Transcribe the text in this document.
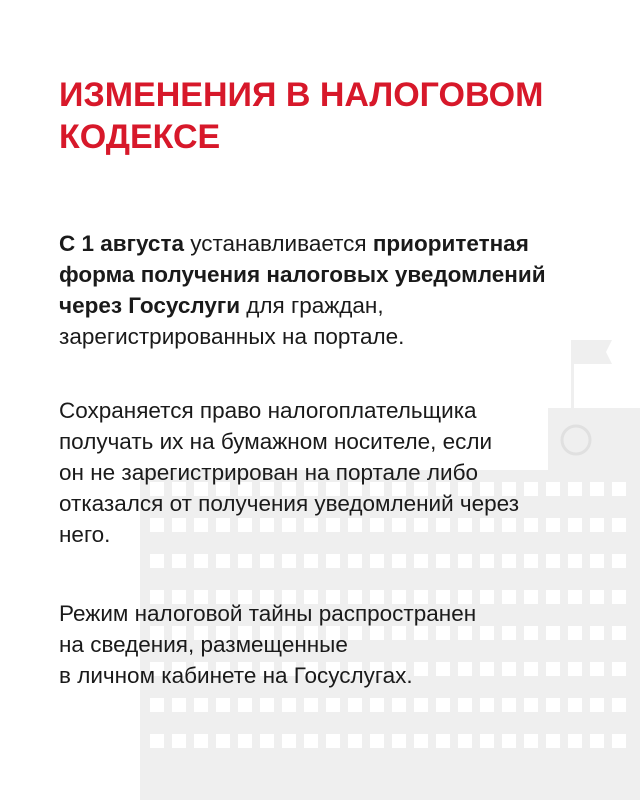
ИЗМЕНЕНИЯ В НАЛОГОВОМ
КОДЕКСЕ

С 1 августа устанавливается приоритетная
форма получения налоговых уведомлений
через Госуслуги для граждан,
зарегистрированных на портале.

Сохраняется право налогоплательщика
получать их на бумажном носителе, если
он не зарегистрирован на портале либо
отказался от получения уведомлений через
него.

Режим налоговой тайны распространен
на сведения, размещенные
в личном кабинете на Госуслугах.
